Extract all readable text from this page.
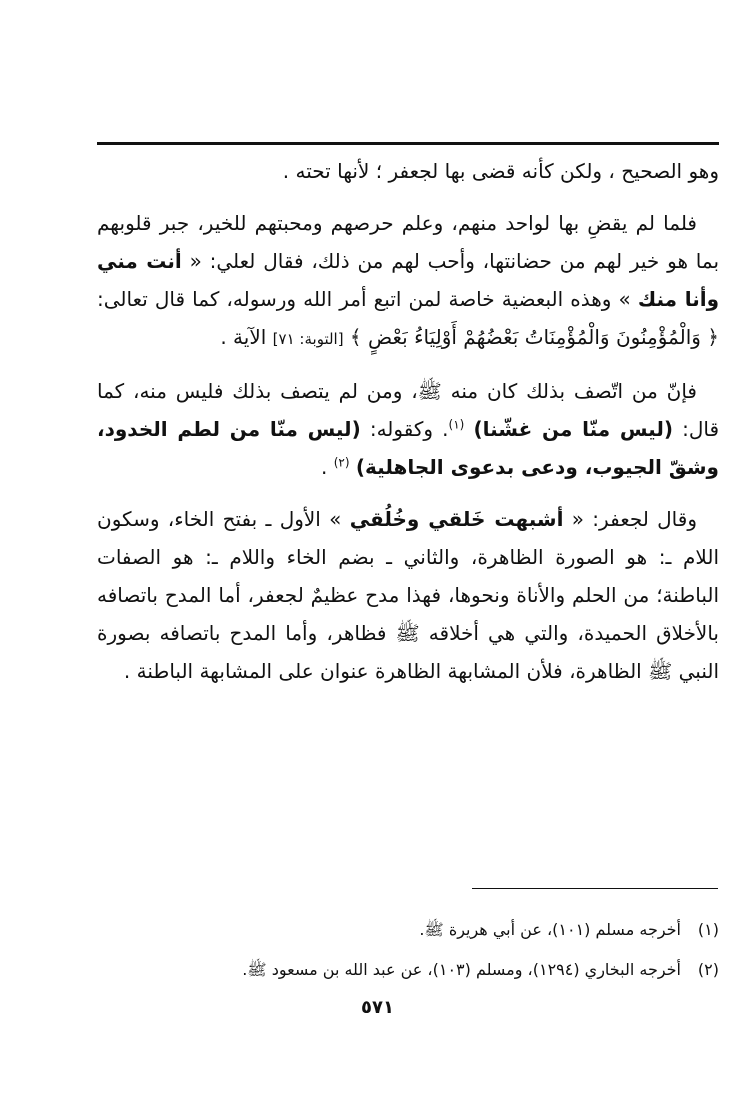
وهو الصحيح ، ولكن كأنه قضى بها لجعفر ؛ لأنها تحته .

فلما لم يقضِ بها لواحد منهم، وعلم حرصهم ومحبتهم للخير، جبر قلوبهم بما هو خير لهم من حضانتها، وأحب لهم من ذلك، فقال لعلي: « أنت مني وأنا منك » وهذه البعضية خاصة لمن اتبع أمر الله ورسوله، كما قال تعالى: ﴿ وَالْمُؤْمِنُونَ وَالْمُؤْمِنَاتُ بَعْضُهُمْ أَوْلِيَاءُ بَعْضٍ ﴾ [التوبة: ٧١] الآية .

فإنّ من اتّصف بذلك كان منه ﷺ، ومن لم يتصف بذلك فليس منه، كما قال: (ليس منّا من غشّنا) $^{(١)}$. وكقوله: (ليس منّا من لطم الخدود، وشقّ الجيوب، ودعى بدعوى الجاهلية) $^{(٢)}$ .

وقال لجعفر: « أشبهت خَلقي وخُلُقي » الأول ـ بفتح الخاء، وسكون اللام ـ: هو الصورة الظاهرة، والثاني ـ بضم الخاء واللام ـ: هو الصفات الباطنة؛ من الحلم والأناة ونحوها، فهذا مدح عظيمٌ لجعفر، أما المدح باتصافه بالأخلاق الحميدة، والتي هي أخلاقه ﷺ فظاهر، وأما المدح باتصافه بصورة النبي ﷺ الظاهرة، فلأن المشابهة الظاهرة عنوان على المشابهة الباطنة .

(١)
أخرجه مسلم (١٠١)، عن أبي هريرة ﷺ.
(٢)
أخرجه البخاري (١٢٩٤)، ومسلم (١٠٣)، عن عبد الله بن مسعود ﷺ.
٥٧١
